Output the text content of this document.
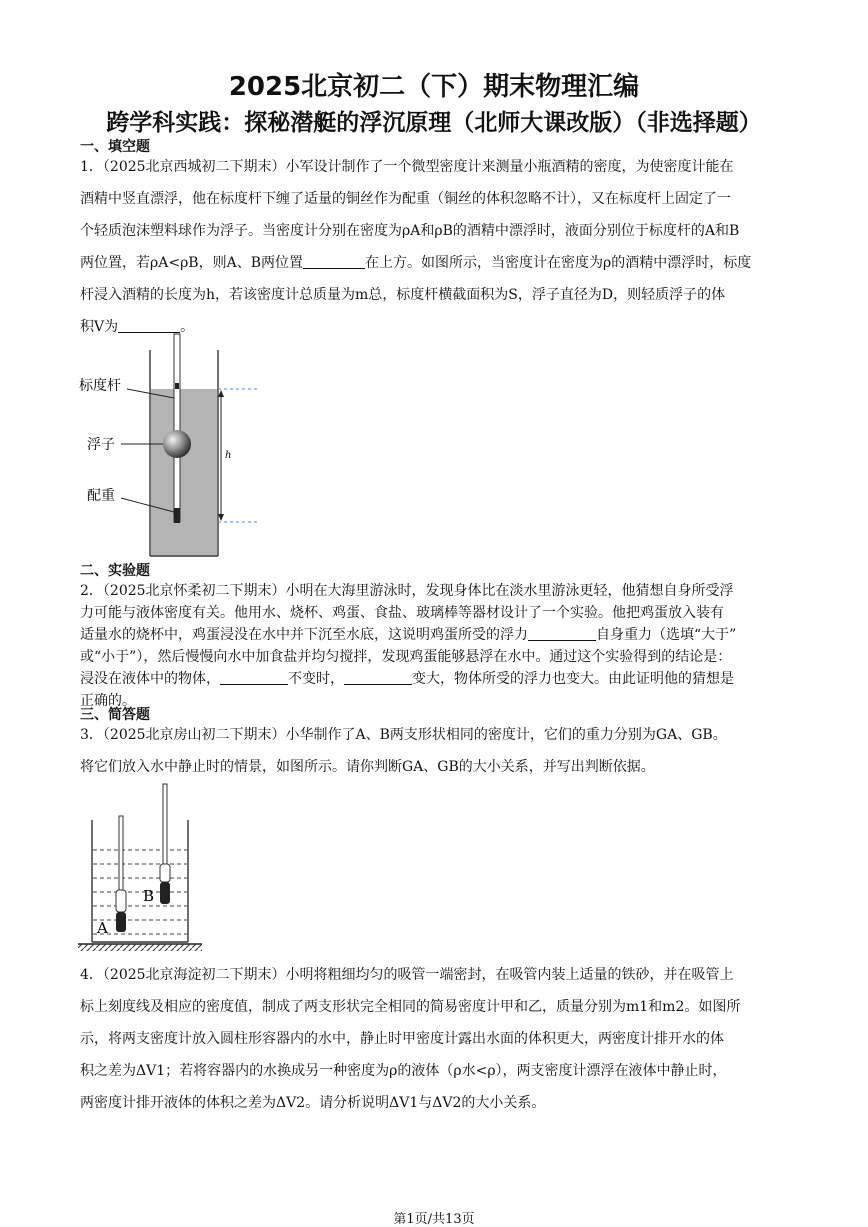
2025北京初二（下）期末物理汇编
跨学科实践：探秘潜艇的浮沉原理（北师大课改版）（非选择题）
一、填空题
1．（2025北京西城初二下期末）小军设计制作了一个微型密度计来测量小瓶酒精的密度，为使密度计能在
酒精中竖直漂浮，他在标度杆下缠了适量的铜丝作为配重（铜丝的体积忽略不计），又在标度杆上固定了一
个轻质泡沫塑料球作为浮子。当密度计分别在密度为ρA和ρB的酒精中漂浮时，液面分别位于标度杆的A和B
两位置，若ρA<ρB，则A、B两位置	在上方。如图所示，当密度计在密度为ρ的酒精中漂浮时，标度
杆浸入酒精的长度为h，若该密度计总质量为m总，标度杆横截面积为S，浮子直径为D，则轻质浮子的体
积V为	。
h
标度杆
浮子
配重
二、实验题
2．（2025北京怀柔初二下期末）小明在大海里游泳时，发现身体比在淡水里游泳更轻，他猜想自身所受浮
力可能与液体密度有关。他用水、烧杯、鸡蛋、食盐、玻璃棒等器材设计了一个实验。他把鸡蛋放入装有
适量水的烧杯中，鸡蛋浸没在水中并下沉至水底，这说明鸡蛋所受的浮力	自身重力（选填“大于”
或“小于”），然后慢慢向水中加食盐并均匀搅拌，发现鸡蛋能够悬浮在水中。通过这个实验得到的结论是：
浸没在液体中的物体，	不变时，	变大，物体所受的浮力也变大。由此证明他的猜想是
正确的。
三、简答题
3．（2025北京房山初二下期末）小华制作了A、B两支形状相同的密度计，它们的重力分别为GA、GB。
将它们放入水中静止时的情景，如图所示。请你判断GA、GB的大小关系，并写出判断依据。
A
B
4．（2025北京海淀初二下期末）小明将粗细均匀的吸管一端密封，在吸管内装上适量的铁砂，并在吸管上
标上刻度线及相应的密度值，制成了两支形状完全相同的简易密度计甲和乙，质量分别为m1和m2。如图所
示，将两支密度计放入圆柱形容器内的水中，静止时甲密度计露出水面的体积更大，两密度计排开水的体
积之差为ΔV1；若将容器内的水换成另一种密度为ρ的液体（ρ水<ρ），两支密度计漂浮在液体中静止时，
两密度计排开液体的体积之差为ΔV2。请分析说明ΔV1与ΔV2的大小关系。
第1页/共13页
